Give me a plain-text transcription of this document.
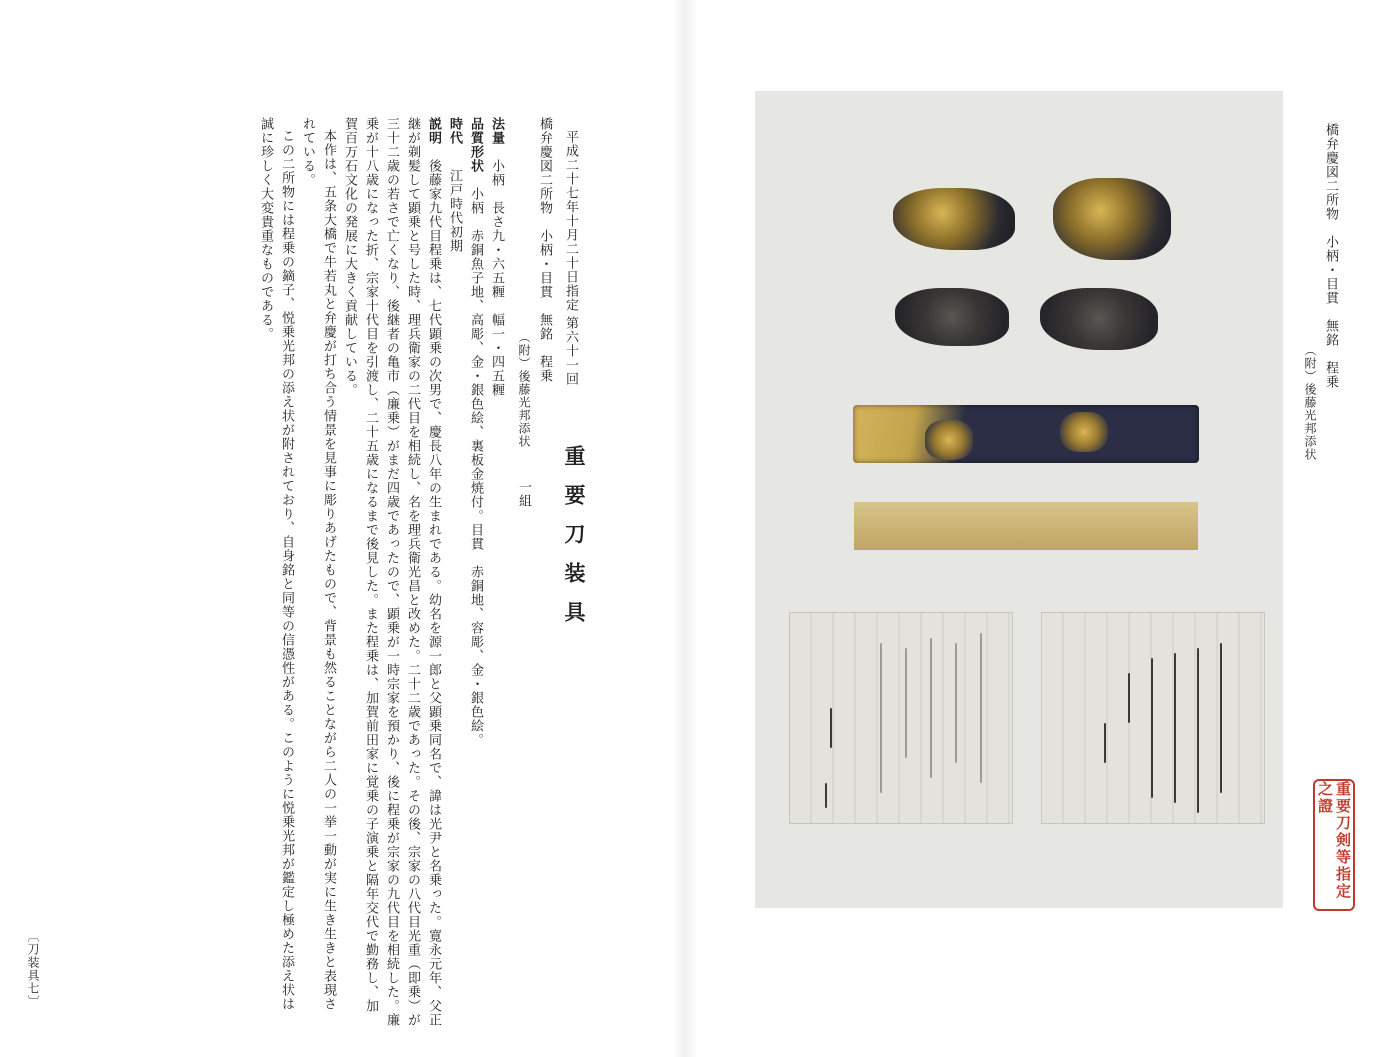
重要刀装具
第六十一回
平成二十七年十月二十日指定
橋弁慶図二所物　小柄・目貫　無銘　程乗
（附）後藤光邦添状
一組
法量小柄　長さ九・六五糎　幅一・四五糎
品質形状小柄　赤銅魚子地、高彫、金・銀色絵、裏板金焼付。目貫　赤銅地、容彫、金・銀色絵。
時代江戸時代初期
説明後藤家九代目程乗は、七代顕乗の次男で、慶長八年の生まれである。幼名を源一郎と父顕乗同名で、諱は光尹と名乗った。寛永元年、父正
継が剃髪して顕乗と号した時、理兵衛家の二代目を相続し、名を理兵衛光昌と改めた。二十二歳であった。その後、宗家の八代目光重（即乗）が
三十二歳の若さで亡くなり、後継者の亀市（廉乗）がまだ四歳であったので、顕乗が一時宗家を預かり、後に程乗が宗家の九代目を相続した。廉
乗が十八歳になった折、宗家十代目を引渡し、二十五歳になるまで後見した。また程乗は、加賀前田家に覚乗の子演乗と隔年交代で勤務し、加
賀百万石文化の発展に大きく貢献している。
本作は、五条大橋で牛若丸と弁慶が打ち合う情景を見事に彫りあげたもので、背景も然ることながら二人の一挙一動が実に生き生きと表現さ
れている。
この二所物には程乗の鏑子、悦乗光邦の添え状が附されており、自身銘と同等の信憑性がある。このように悦乗光邦が鑑定し極めた添え状は
誠に珍しく大変貴重なものである。
〔刀装具七〕
橋弁慶図二所物　小柄・目貫　無銘　程乗
（附）後藤光邦添状
重要刀剣等指定之證
